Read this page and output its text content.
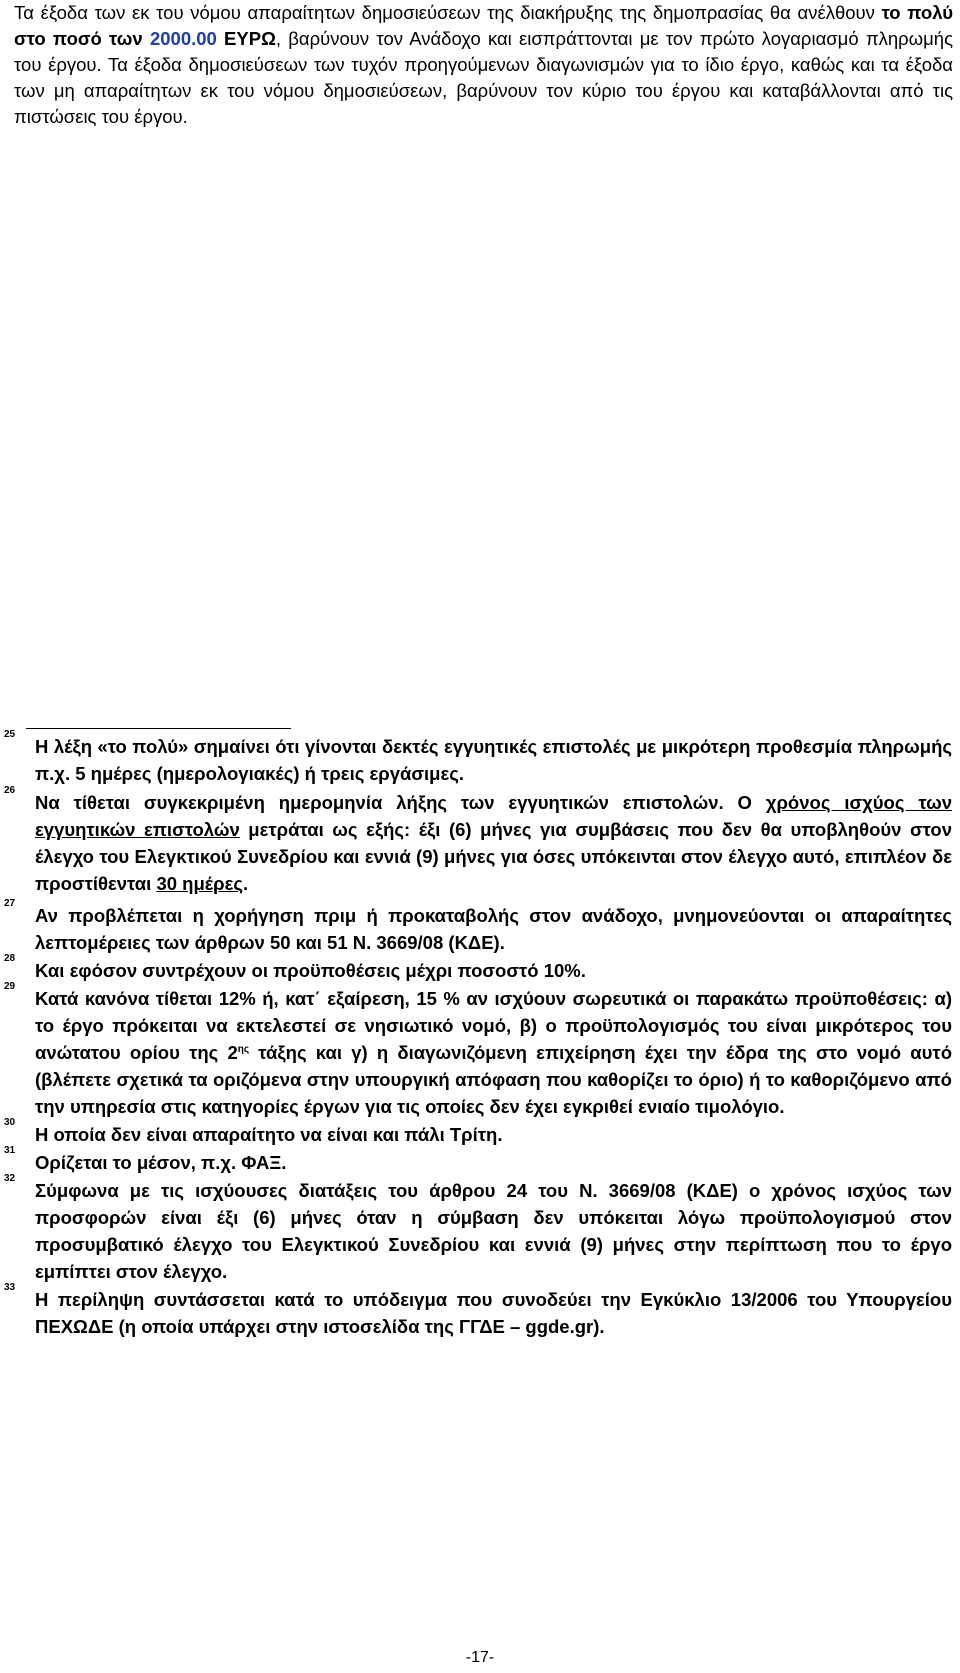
Τα έξοδα των εκ του νόμου απαραίτητων δημοσιεύσεων της διακήρυξης της δημοπρασίας θα ανέλθουν το πολύ στο ποσό των 2000.00 ΕΥΡΩ, βαρύνουν τον Ανάδοχο και εισπράττονται με τον πρώτο λογαριασμό πληρωμής του έργου. Τα έξοδα δημοσιεύσεων των τυχόν προηγούμενων διαγωνισμών για το ίδιο έργο, καθώς και τα έξοδα των μη απαραίτητων εκ του νόμου δημοσιεύσεων, βαρύνουν τον κύριο του έργου και καταβάλλονται από τις πιστώσεις του έργου.

25
Η λέξη «το πολύ» σημαίνει ότι γίνονται δεκτές εγγυητικές επιστολές με μικρότερη προθεσμία πληρωμής π.χ. 5 ημέρες (ημερολογιακές) ή τρεις εργάσιμες.
26
Να τίθεται συγκεκριμένη ημερομηνία λήξης των εγγυητικών επιστολών. Ο χρόνος ισχύος των εγγυητικών επιστολών μετράται ως εξής: έξι (6) μήνες για συμβάσεις που δεν θα υποβληθούν στον έλεγχο του Ελεγκτικού Συνεδρίου και εννιά (9) μήνες για όσες υπόκεινται στον έλεγχο αυτό, επιπλέον δε προστίθενται 30 ημέρες.
27
Αν προβλέπεται η χορήγηση πριμ ή προκαταβολής στον ανάδοχο, μνημονεύονται οι απαραίτητες λεπτομέρειες των άρθρων 50 και 51 Ν. 3669/08 (ΚΔΕ).
28
Και εφόσον συντρέχουν οι προϋποθέσεις μέχρι ποσοστό 10%.
29
Κατά κανόνα τίθεται 12% ή, κατ΄ εξαίρεση, 15 % αν ισχύουν σωρευτικά οι παρακάτω προϋποθέσεις: α) το έργο πρόκειται να εκτελεστεί σε νησιωτικό νομό, β) ο προϋπολογισμός του είναι μικρότερος του ανώτατου ορίου της $2^{\eta\varsigma}$ τάξης και γ) η διαγωνιζόμενη επιχείρηση έχει την έδρα της στο νομό αυτό (βλέπετε σχετικά τα οριζόμενα στην υπουργική απόφαση που καθορίζει το όριο) ή το καθοριζόμενο από την υπηρεσία στις κατηγορίες έργων για τις οποίες δεν έχει εγκριθεί ενιαίο τιμολόγιο.
30
Η οποία δεν είναι απαραίτητο να είναι και πάλι Τρίτη.
31
Ορίζεται το μέσον, π.χ. ΦΑΞ.
32
Σύμφωνα με τις ισχύουσες διατάξεις του άρθρου 24 του Ν. 3669/08 (ΚΔΕ) ο χρόνος ισχύος των προσφορών είναι έξι (6) μήνες όταν η σύμβαση δεν υπόκειται λόγω προϋπολογισμού στον προσυμβατικό έλεγχο του Ελεγκτικού Συνεδρίου και εννιά (9) μήνες στην περίπτωση που το έργο εμπίπτει στον έλεγχο.
33
Η περίληψη συντάσσεται κατά το υπόδειγμα που συνοδεύει την Εγκύκλιο 13/2006 του Υπουργείου ΠΕΧΩΔΕ (η οποία υπάρχει στην ιστοσελίδα της ΓΓΔΕ – ggde.gr).
-17-
